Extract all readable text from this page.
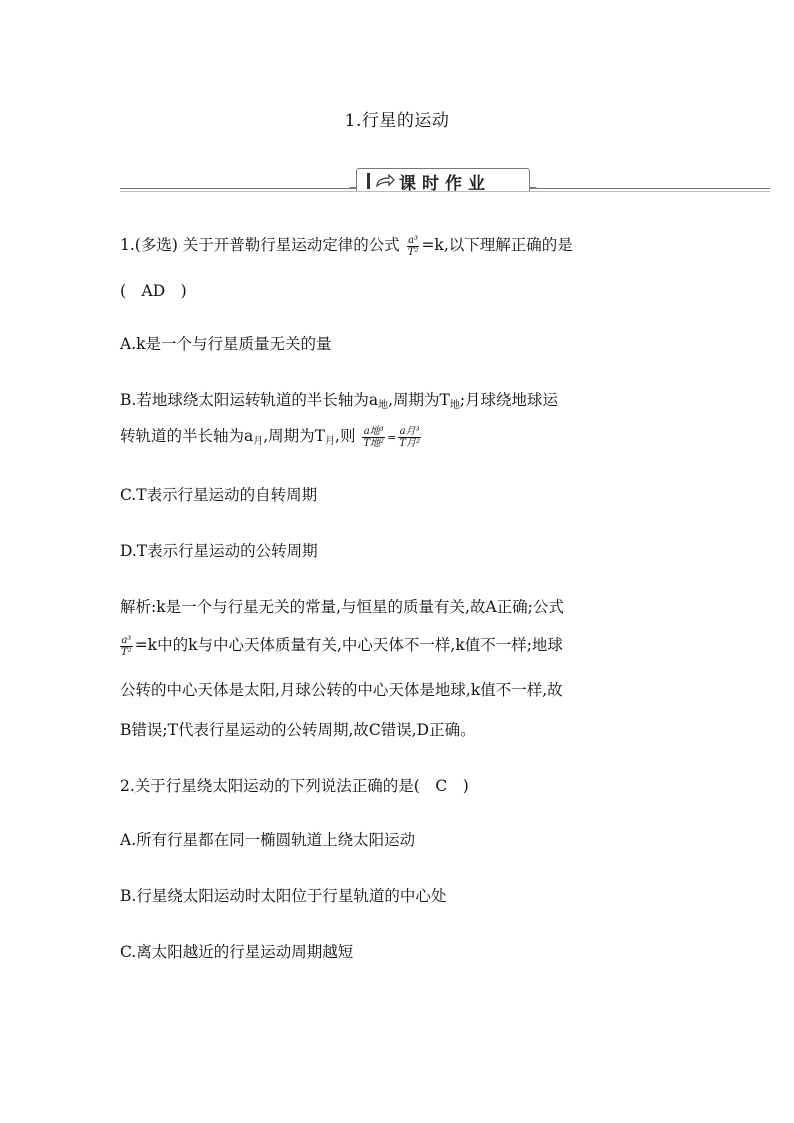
1.行星的运动
课时作业
1.(多选) 关于开普勒行星运动定律的公式 $\frac{\text{a³}}{\text{T²}} =k$,以下理解正确的是
(　AD　)
A.k是一个与行星质量无关的量
B.若地球绕太阳运转轨道的半长轴为$a_地$,周期为$T_地$;月球绕地球运
转轨道的半长轴为$a_月$,周期为$T_月$,则 $\frac{\text{a地³}}{\text{T地²}} = \frac{\text{a月³}}{\text{T月²}}$
C.T表示行星运动的自转周期
D.T表示行星运动的公转周期
解析:k是一个与行星无关的常量,与恒星的质量有关,故A正确;公式
$\frac{\text{a³}}{\text{T²}} =k$中的k与中心天体质量有关,中心天体不一样,k值不一样;地球
公转的中心天体是太阳,月球公转的中心天体是地球,k值不一样,故
B错误;T代表行星运动的公转周期,故C错误,D正确。
2.关于行星绕太阳运动的下列说法正确的是(　C　)
A.所有行星都在同一椭圆轨道上绕太阳运动
B.行星绕太阳运动时太阳位于行星轨道的中心处
C.离太阳越近的行星运动周期越短
